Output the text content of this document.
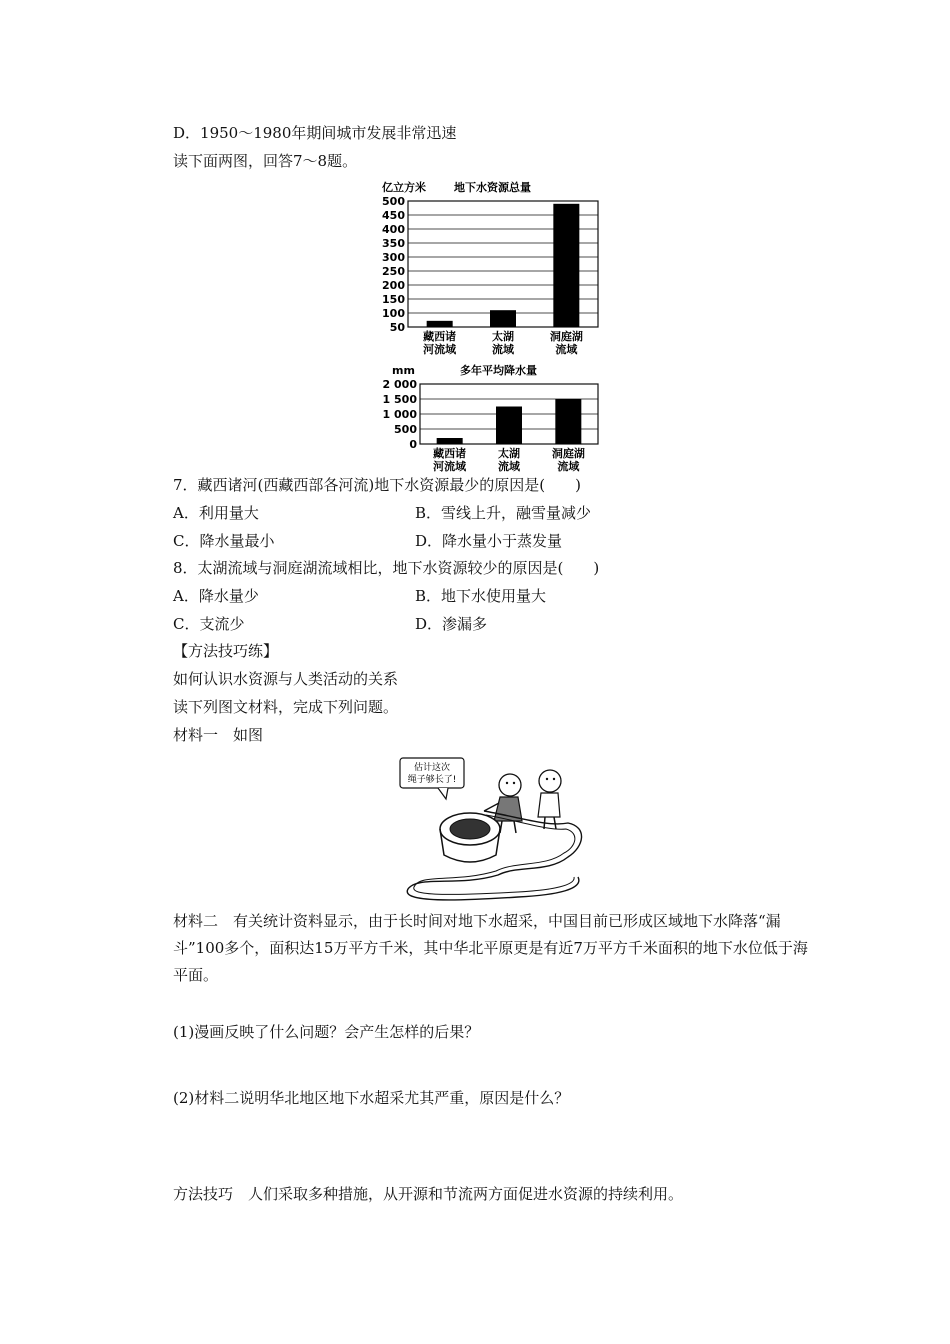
D．1950～1980年期间城市发展非常迅速
读下面两图，回答7～8题。
亿立方米	地下水资源总量
50
100
150
200
250
300
350
400
450
500
藏西诸
河流域
太湖
流域
洞庭湖
流域
mm	多年平均降水量
0
500
1 000
1 500
2 000
藏西诸
河流域
太湖
流域
洞庭湖
流域
7．藏西诸河(西藏西部各河流)地下水资源最少的原因是(　　)
A．利用量大	B．雪线上升，融雪量减少
C．降水量最小	D．降水量小于蒸发量
8．太湖流域与洞庭湖流域相比，地下水资源较少的原因是(　　)
A．降水量少	B．地下水使用量大
C．支流少	D．渗漏多
【方法技巧练】
如何认识水资源与人类活动的关系
读下列图文材料，完成下列问题。
材料一　如图
估计这次
绳子够长了!
材料二　有关统计资料显示，由于长时间对地下水超采，中国目前已形成区域地下水降落“漏斗”100多个，面积达15万平方千米，其中华北平原更是有近7万平方千米面积的地下水位低于海平面。
(1)漫画反映了什么问题？会产生怎样的后果？
(2)材料二说明华北地区地下水超采尤其严重，原因是什么？
方法技巧　人们采取多种措施，从开源和节流两方面促进水资源的持续利用。
